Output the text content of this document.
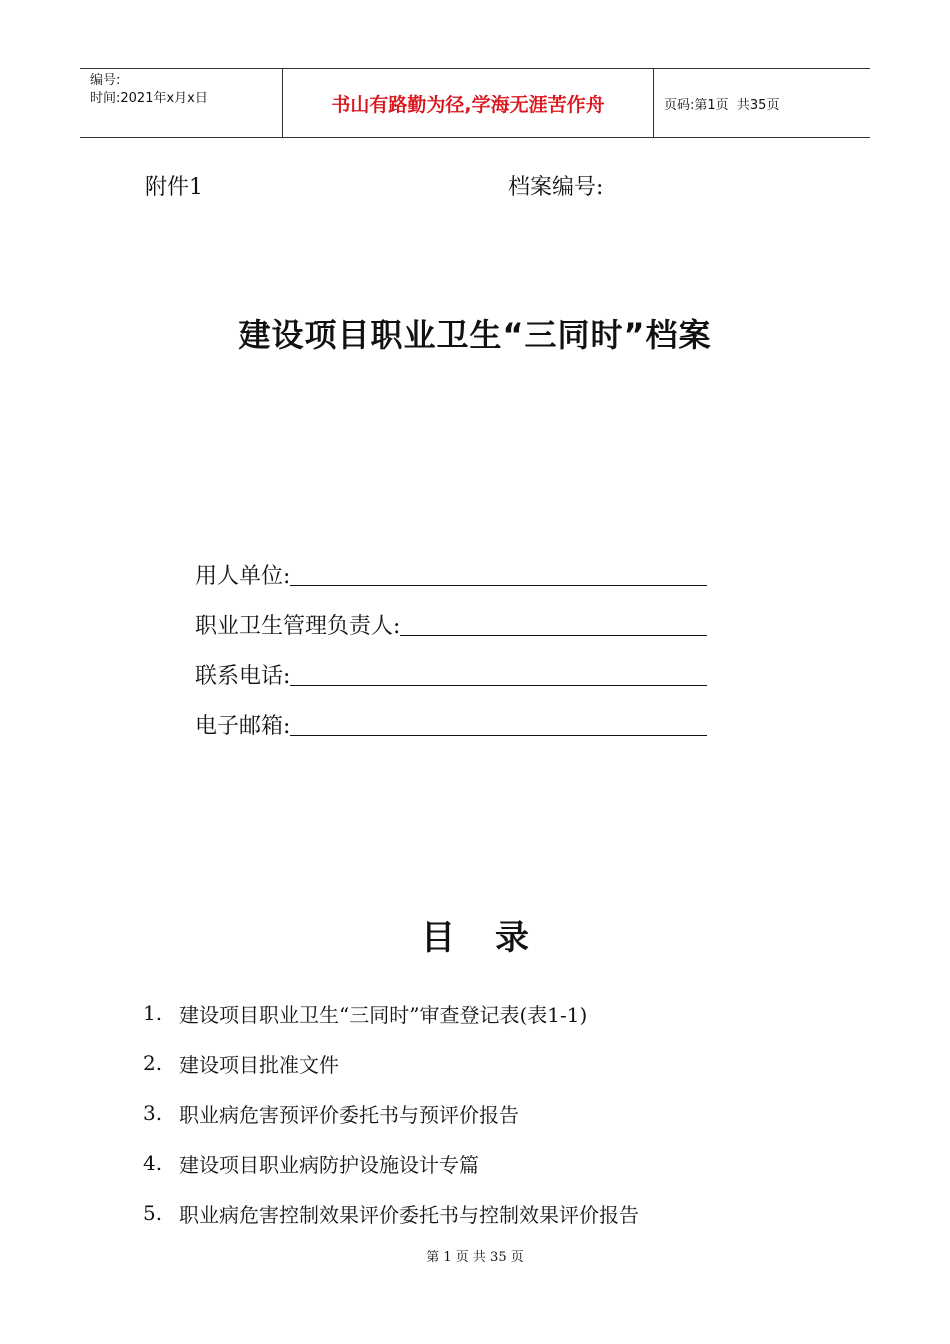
编号:
时间:2021年x月x日	书山有路勤为径,学海无涯苦作舟	页码:第1页  共35页
附件1	档案编号:
建设项目职业卫生“三同时”档案
用人单位:
职业卫生管理负责人:
联系电话:
电子邮箱:
目 录
1. 建设项目职业卫生“三同时”审查登记表(表1-1)
2. 建设项目批准文件
3. 职业病危害预评价委托书与预评价报告
4. 建设项目职业病防护设施设计专篇
5. 职业病危害控制效果评价委托书与控制效果评价报告
第 1 页 共 35 页
